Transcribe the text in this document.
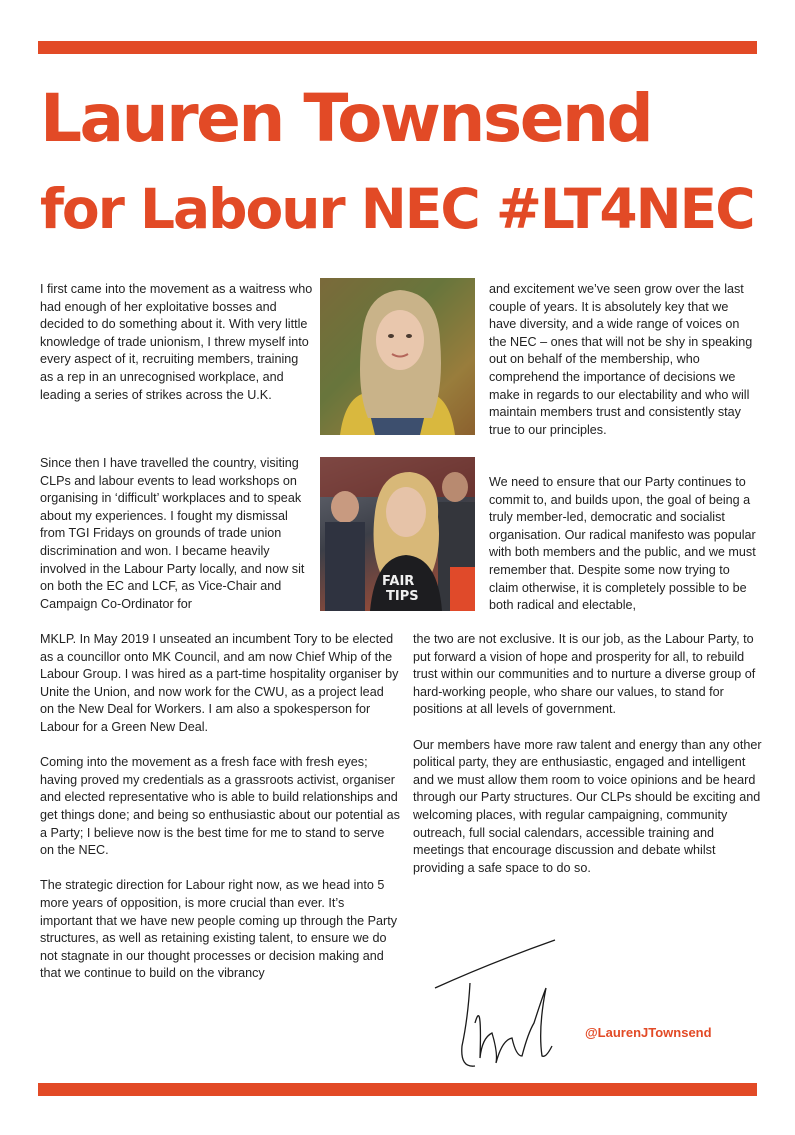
Lauren Townsend
for Labour NEC #LT4NEC

I first came into the movement as a waitress who had enough of her exploitative bosses and decided to do something about it. With very little knowledge of trade unionism, I threw myself into every aspect of it, recruiting members, training as a rep in an unrecognised workplace, and leading a series of strikes across the U.K.

Since then I have travelled the country, visiting CLPs and labour events to lead workshops on organising in ‘difficult’ workplaces and to speak about my experiences. I fought my dismissal from TGI Fridays on grounds of trade union discrimination and won. I became heavily involved in the Labour Party locally, and now sit on both the EC and LCF, as Vice-Chair and Campaign Co-Ordinator for

FAIR
TIPS

MKLP. In May 2019 I unseated an incumbent Tory to be elected as a councillor onto MK Council, and am now Chief Whip of the Labour Group. I was hired as a part-time hospitality organiser by Unite the Union, and now work for the CWU, as a project lead on the New Deal for Workers. I am also a spokesperson for Labour for a Green New Deal.

Coming into the movement as a fresh face with fresh eyes; having proved my credentials as a grassroots activist, organiser and elected representative who is able to build relationships and get things done; and being so enthusiastic about our potential as a Party; I believe now is the best time for me to stand to serve on the NEC.

The strategic direction for Labour right now, as we head into 5 more years of opposition, is more crucial than ever. It’s important that we have new people coming up through the Party structures, as well as retaining existing talent, to ensure we do not stagnate in our thought processes or decision making and that we continue to build on the vibrancy

and excitement we’ve seen grow over the last couple of years. It is absolutely key that we have diversity, and a wide range of voices on the NEC – ones that will not be shy in speaking out on behalf of the membership, who comprehend the importance of decisions we make in regards to our electability and who will maintain members trust and consistently stay true to our principles.

We need to ensure that our Party continues to commit to, and builds upon, the goal of being a truly member-led, democratic and socialist organisation. Our radical manifesto was popular with both members and the public, and we must remember that. Despite some now trying to claim otherwise, it is completely possible to be both radical and electable,

the two are not exclusive. It is our job, as the Labour Party, to put forward a vision of hope and prosperity for all, to rebuild trust within our communities and to nurture a diverse group of hard-working people, who share our values, to stand for positions at all levels of government.

Our members have more raw talent and energy than any other political party, they are enthusiastic, engaged and intelligent and we must allow them room to voice opinions and be heard through our Party structures. Our CLPs should be exciting and welcoming places, with regular campaigning, community outreach, full social calendars, accessible training and meetings that encourage discussion and debate whilst providing a safe space to do so.

@LaurenJTownsend
